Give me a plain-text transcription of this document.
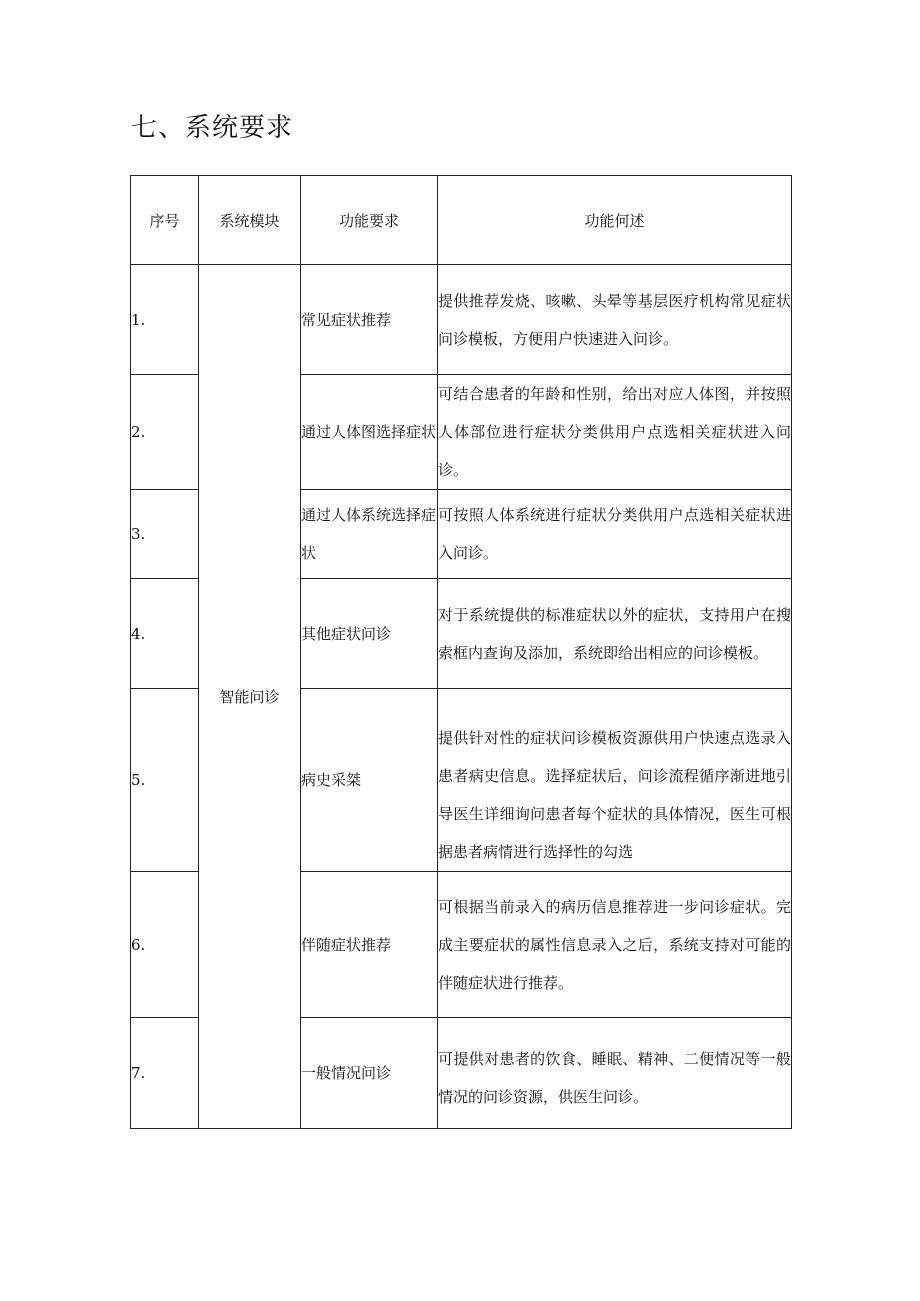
七、系统要求
序号	系统模块	功能要求	功能何述
1.	智能问诊	常见症状推荐	提供推荐发烧、咳嗽、头晕等基层医疗机构常见症状问诊模板，方便用户快速进入问诊。
2.		通过人体图选择症状	可结合患者的年龄和性别，给出对应人体图，并按照人体部位进行症状分类供用户点选相关症状进入问诊。
3.		通过人体系统选择症状	可按照人体系统进行症状分类供用户点选相关症状进入问诊。
4.		其他症状问诊	对于系统提供的标准症状以外的症状，支持用户在搜索框内查询及添加，系统即给出相应的问诊模板。
5.		病史采桀	提供针对性的症状问诊模板资源供用户快速点选录入患者病史信息。选择症状后，问诊流程循序渐进地引导医生详细询问患者每个症状的具体情况，医生可根据患者病情进行选择性的勾选
6.		伴随症状推荐	可根据当前录入的病历信息推荐进一步问诊症状。完成主要症状的属性信息录入之后，系统支持对可能的伴随症状进行推荐。
7.		一般情况问诊	可提供对患者的饮食、睡眠、精神、二便情况等一般情况的问诊资源，供医生问诊。
